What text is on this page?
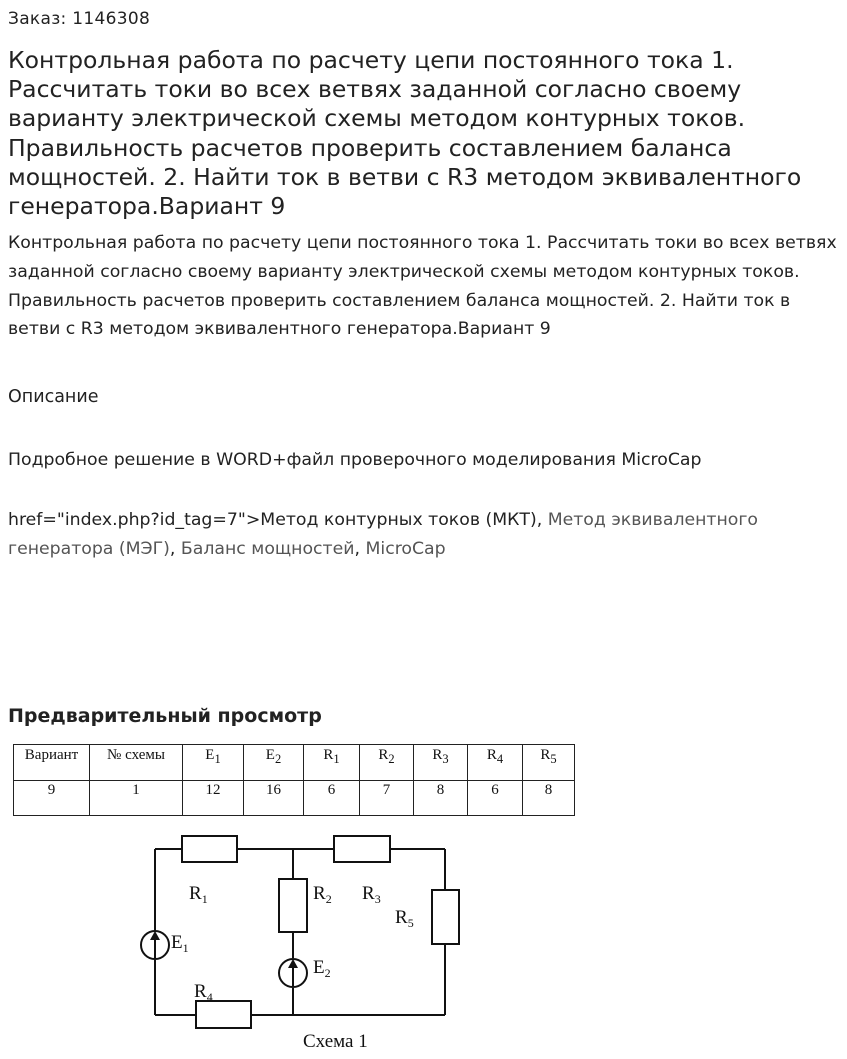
Заказ: 1146308
Контрольная работа по расчету цепи постоянного тока 1. Рассчитать токи во всех ветвях заданной согласно своему варианту электрической схемы методом контурных токов. Правильность расчетов проверить составлением баланса мощностей. 2. Найти ток в ветви с R3 методом эквивалентного генератора.Вариант 9

Контрольная работа по расчету цепи постоянного тока 1. Рассчитать токи во всех ветвях заданной согласно своему варианту электрической схемы методом контурных токов. Правильность расчетов проверить составлением баланса мощностей. 2. Найти ток в ветви с R3 методом эквивалентного генератора.Вариант 9

Описание
Подробное решение в WORD+файл проверочного моделирования MicroCap

href="index.php?id_tag=7">Метод контурных токов (МКТ), Метод эквивалентного генератора (МЭГ), Баланс мощностей, MicroCap

Предварительный просмотр
Вариант	№ схемы	$E_1$	$E_2$	$R_1$	$R_2$	$R_3$	$R_4$	$R_5$
9	1	12	16	6	7	8	6	8
$R_1$	$R_2$ $R_3$
$R_5$
$E_1$
$E_2$
$R_4$
Схема 1
